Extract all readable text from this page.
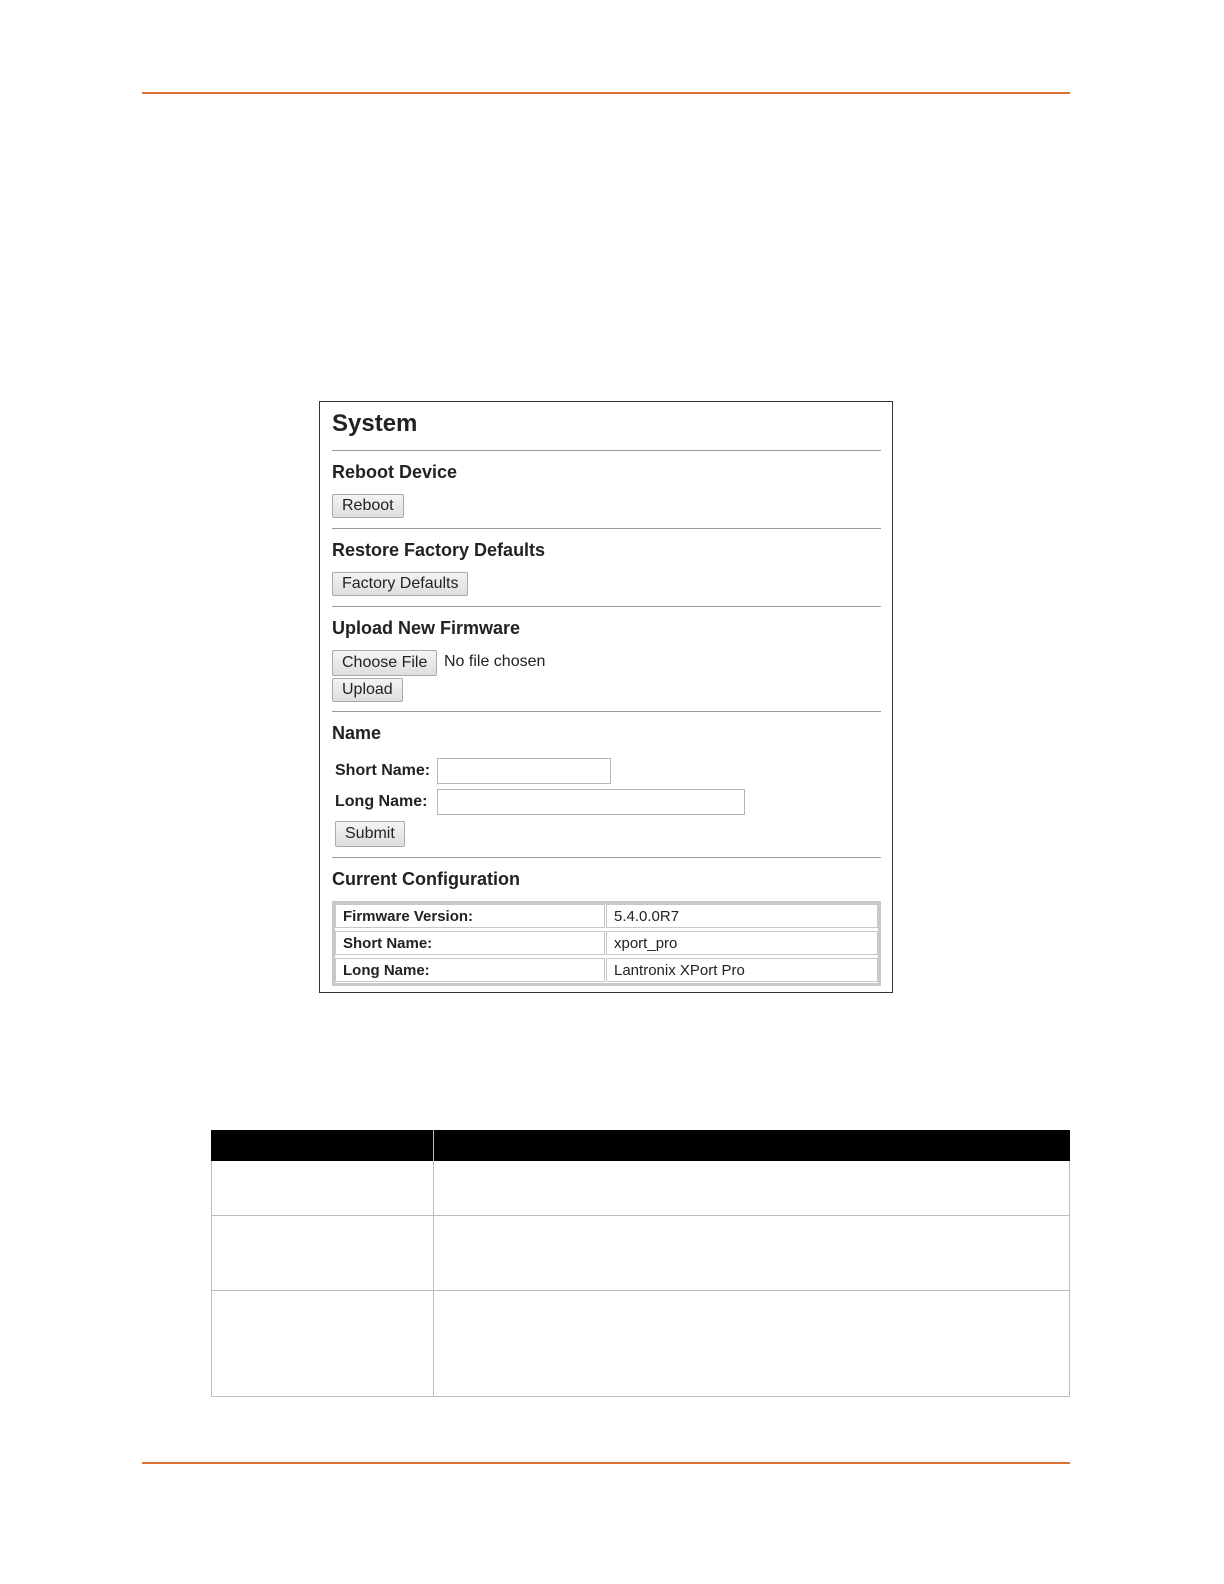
System
Reboot Device
Reboot
Restore Factory Defaults
Factory Defaults
Upload New Firmware
Choose File	No file chosen
Upload
Name
Short Name:
Long Name:
Submit
Current Configuration
Firmware Version:	5.4.0.0R7
Short Name:	xport_pro
Long Name:	Lantronix XPort Pro
